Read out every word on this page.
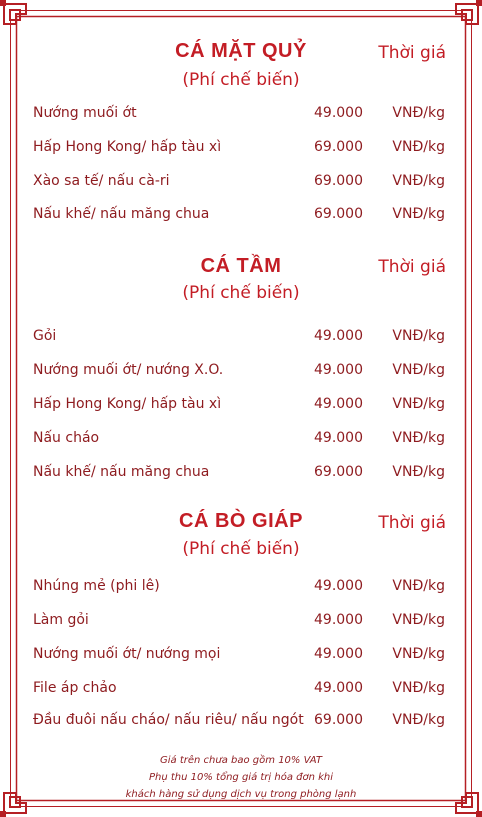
CÁ MẶT QUỶ	Thời giá
(Phí chế biến)
Nướng muối ớt	49.000 VNĐ/kg
Hấp Hong Kong/ hấp tàu xì	69.000 VNĐ/kg
Xào sa tế/ nấu cà-ri	69.000 VNĐ/kg
Nấu khế/ nấu măng chua	69.000 VNĐ/kg
CÁ TẦM	Thời giá
(Phí chế biến)
Gỏi	49.000 VNĐ/kg
Nướng muối ớt/ nướng X.O.	49.000 VNĐ/kg
Hấp Hong Kong/ hấp tàu xì	49.000 VNĐ/kg
Nấu cháo	49.000 VNĐ/kg
Nấu khế/ nấu măng chua	69.000 VNĐ/kg
CÁ BÒ GIÁP	Thời giá
(Phí chế biến)
Nhúng mẻ (phi lê)	49.000 VNĐ/kg
Làm gỏi	49.000 VNĐ/kg
Nướng muối ớt/ nướng mọi	49.000 VNĐ/kg
File áp chảo	49.000 VNĐ/kg
Đầu đuôi nấu cháo/ nấu riêu/ nấu ngót 69.000 VNĐ/kg
Giá trên chưa bao gồm 10% VAT
Phụ thu 10% tổng giá trị hóa đơn khi
khách hàng sử dụng dịch vụ trong phòng lạnh
